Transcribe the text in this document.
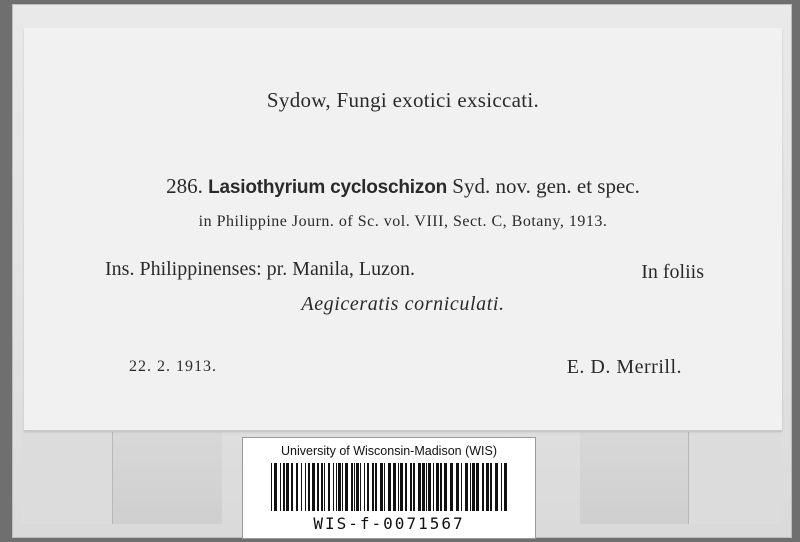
Sydow, Fungi exotici exsiccati.
286. Lasiothyrium cycloschizon Syd. nov. gen. et spec.
in Philippine Journ. of Sc. vol. VIII, Sect. C, Botany, 1913.
Ins. Philippinenses: pr. Manila, Luzon.	In foliis
Aegiceratis corniculati.
22. 2. 1913.	E. D. Merrill.
University of Wisconsin-Madison (WIS)
WIS-f-0071567
